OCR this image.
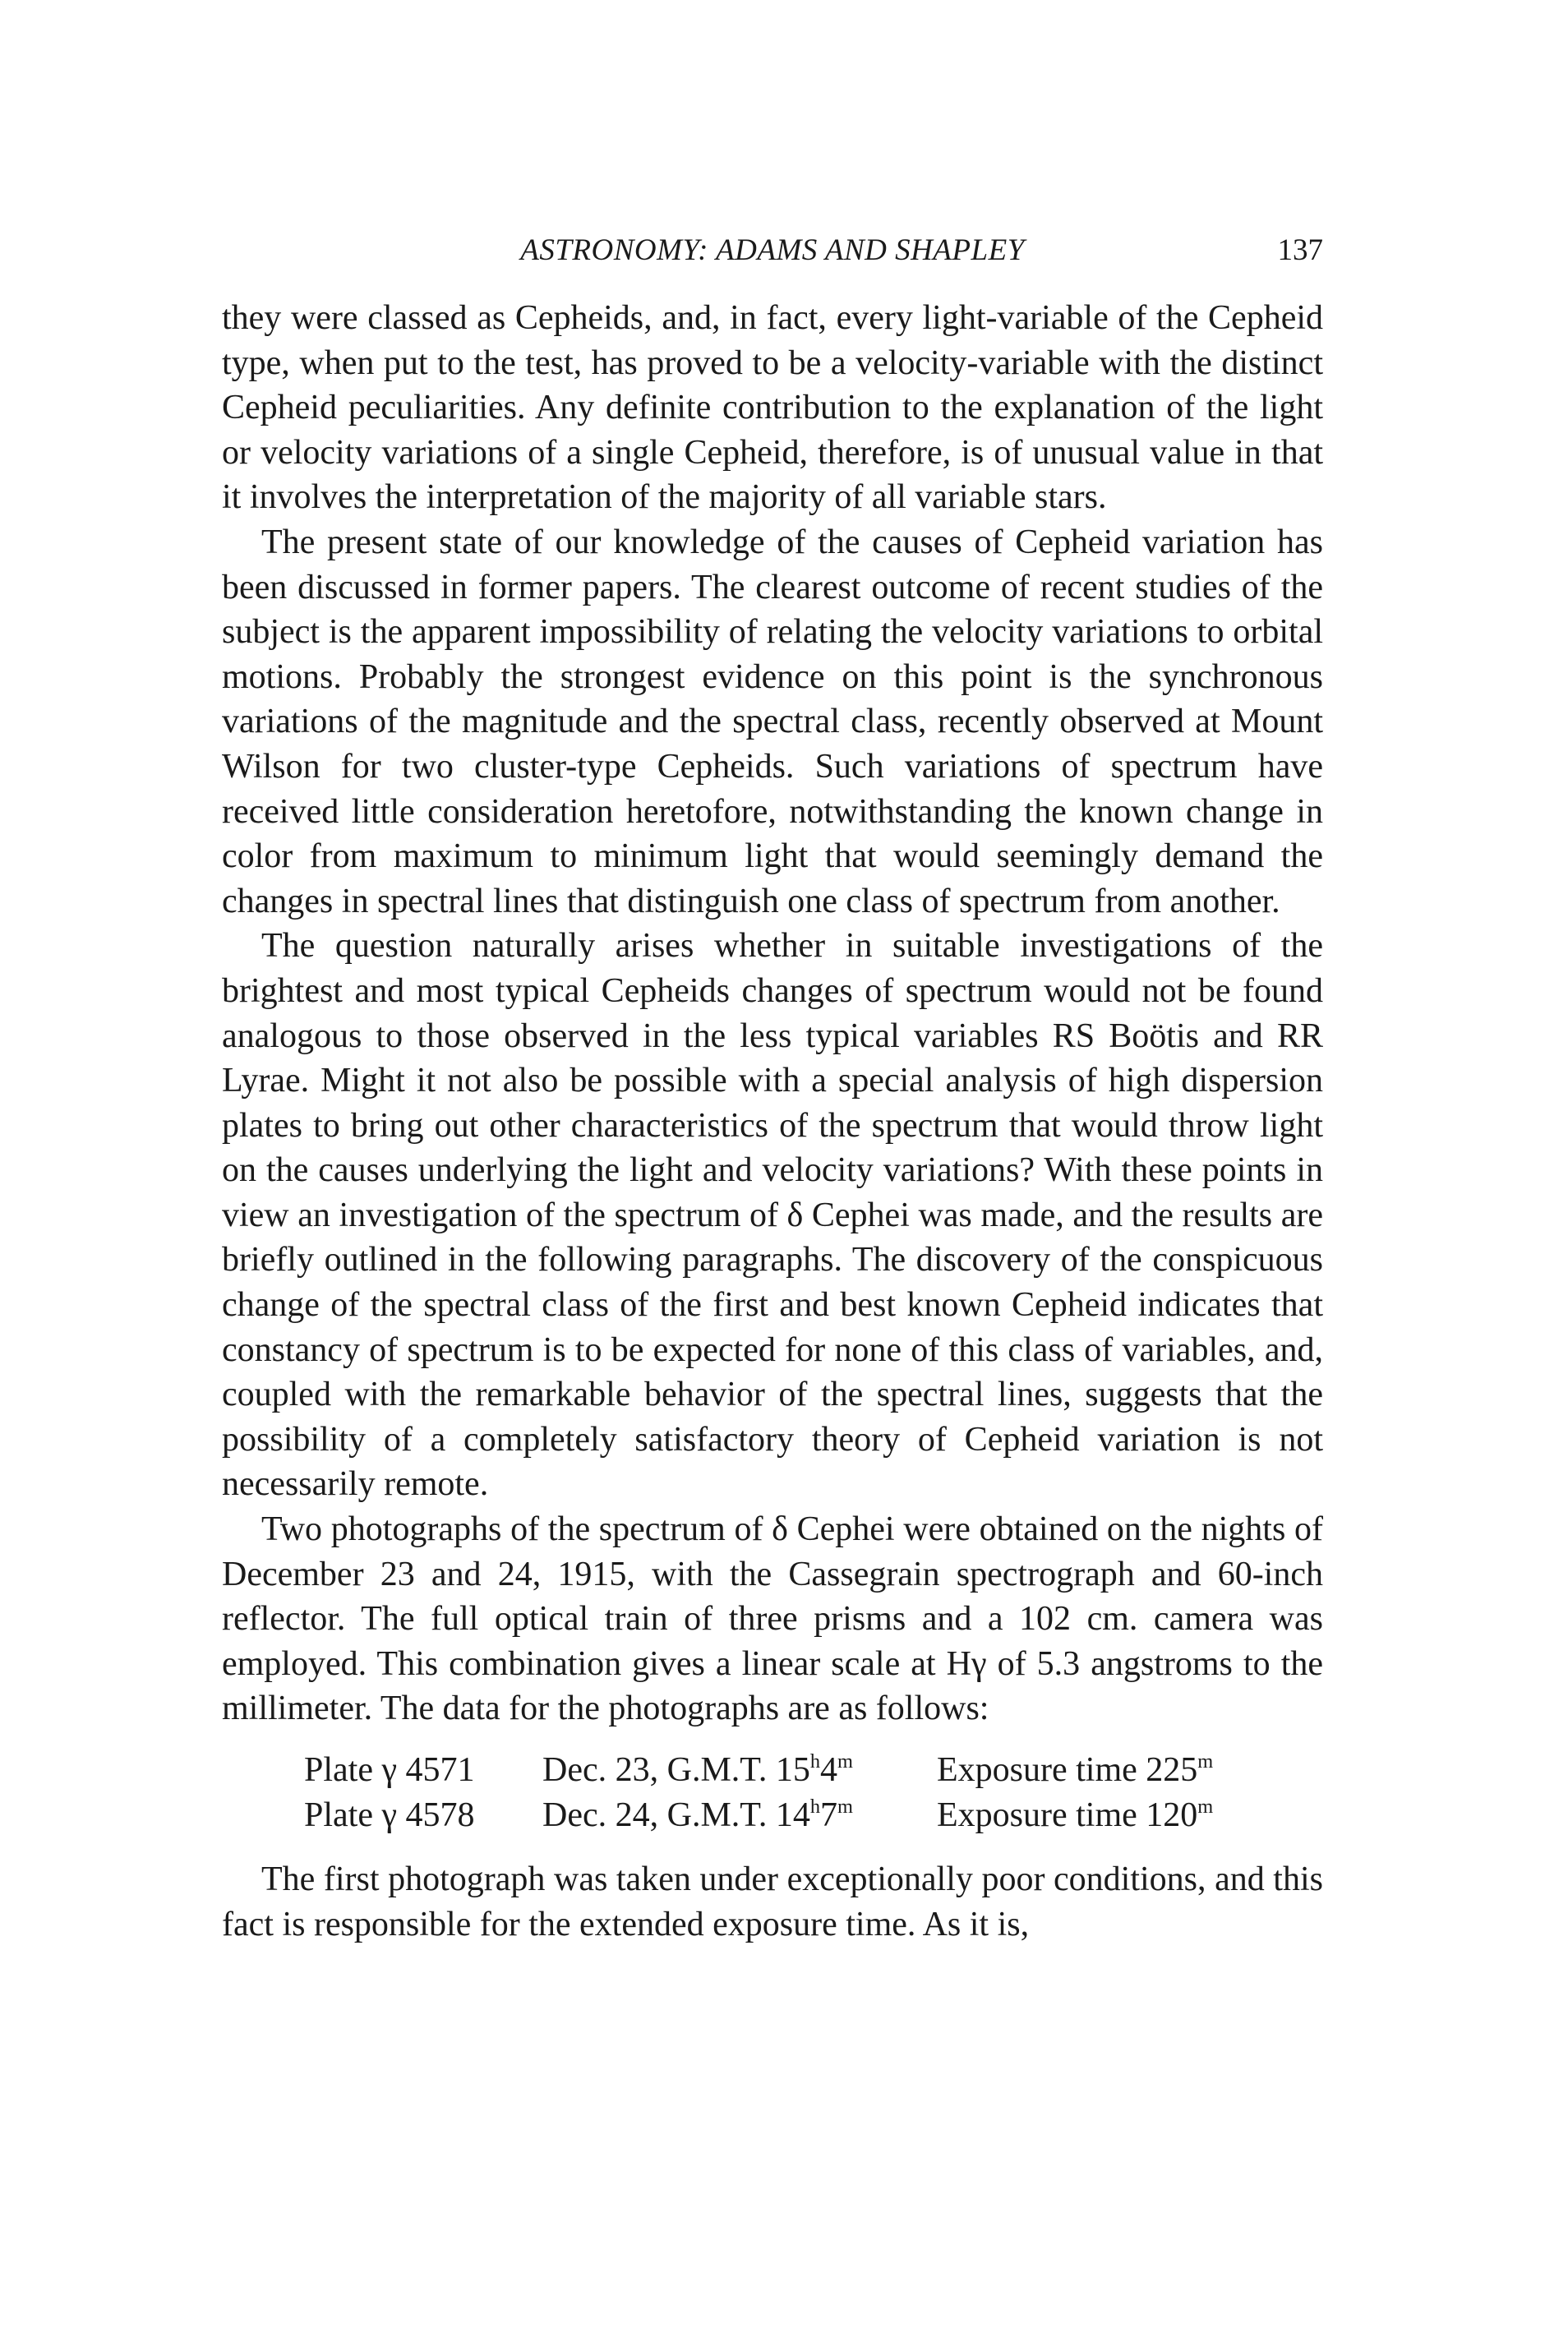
ASTRONOMY: ADAMS AND SHAPLEY	137

they were classed as Cepheids, and, in fact, every light-variable of the Cepheid type, when put to the test, has proved to be a velocity-variable with the distinct Cepheid peculiarities. Any definite contribution to the explanation of the light or velocity variations of a single Cepheid, therefore, is of unusual value in that it involves the interpretation of the majority of all variable stars.

The present state of our knowledge of the causes of Cepheid variation has been discussed in former papers. The clearest outcome of recent studies of the subject is the apparent impossibility of relating the velocity variations to orbital motions. Probably the strongest evidence on this point is the synchronous variations of the magnitude and the spectral class, recently observed at Mount Wilson for two cluster-type Cepheids. Such variations of spectrum have received little consideration heretofore, notwithstanding the known change in color from maximum to minimum light that would seemingly demand the changes in spectral lines that distinguish one class of spectrum from another.

The question naturally arises whether in suitable investigations of the brightest and most typical Cepheids changes of spectrum would not be found analogous to those observed in the less typical variables RS Boötis and RR Lyrae. Might it not also be possible with a special analysis of high dispersion plates to bring out other characteristics of the spectrum that would throw light on the causes underlying the light and velocity variations? With these points in view an investigation of the spectrum of δ Cephei was made, and the results are briefly outlined in the following paragraphs. The discovery of the conspicuous change of the spectral class of the first and best known Cepheid indicates that constancy of spectrum is to be expected for none of this class of variables, and, coupled with the remarkable behavior of the spectral lines, suggests that the possibility of a completely satisfactory theory of Cepheid variation is not necessarily remote.

Two photographs of the spectrum of δ Cephei were obtained on the nights of December 23 and 24, 1915, with the Cassegrain spectrograph and 60-inch reflector. The full optical train of three prisms and a 102 cm. camera was employed. This combination gives a linear scale at Hγ of 5.3 angstroms to the millimeter. The data for the photographs are as follows:

Plate γ 4571	Dec. 23, G.M.T. 15$^h$4$^m$	Exposure time 225$^m$
Plate γ 4578	Dec. 24, G.M.T. 14$^h$7$^m$	Exposure time 120$^m$

The first photograph was taken under exceptionally poor conditions, and this fact is responsible for the extended exposure time. As it is,
